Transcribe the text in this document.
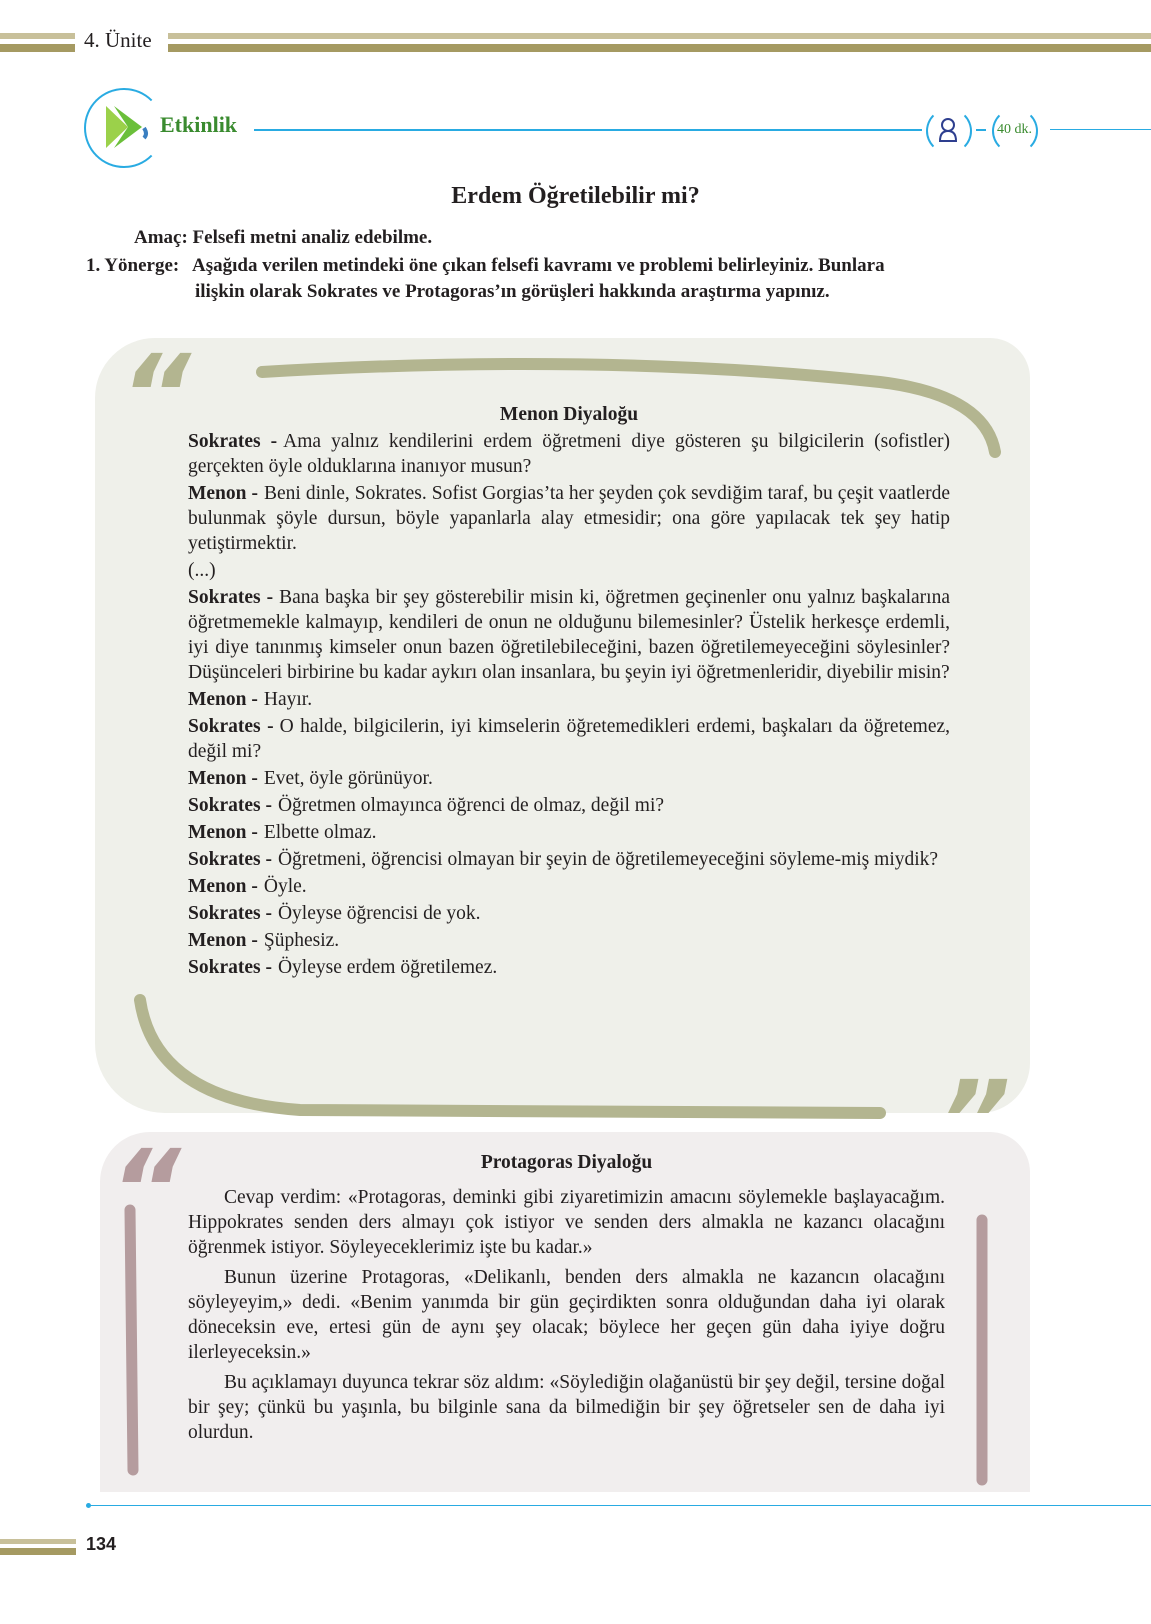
4. Ünite
Etkinlik	40 dk.
Erdem Öğretilebilir mi?
Amaç: Felsefi metni analiz edebilme.
1. Yönerge: Aşağıda verilen metindeki öne çıkan felsefi kavramı ve problemi belirleyiniz. Bunlara
ilişkin olarak Sokrates ve Protagoras’ın görüşleri hakkında araştırma yapınız.
“
”
“
Menon Diyaloğu
Sokrates - Ama yalnız kendilerini erdem öğretmeni diye gösteren şu bilgicilerin (sofistler) gerçekten öyle olduklarına inanıyor musun?
Menon - Beni dinle, Sokrates. Sofist Gorgias’ta her şeyden çok sevdiğim taraf, bu çeşit vaatlerde bulunmak şöyle dursun, böyle yapanlarla alay etmesidir; ona göre yapılacak tek şey hatip yetiştirmektir.
(...)
Sokrates - Bana başka bir şey gösterebilir misin ki, öğretmen geçinenler onu yalnız başkalarına öğretmemekle kalmayıp, kendileri de onun ne olduğunu bilemesinler? Üstelik herkesçe erdemli, iyi diye tanınmış kimseler onun bazen öğretilebileceğini, bazen öğretilemeyeceğini söylesinler? Düşünceleri birbirine bu kadar aykırı olan insanlara, bu şeyin iyi öğretmenleridir, diyebilir misin?
Menon - Hayır.
Sokrates - O halde, bilgicilerin, iyi kimselerin öğretemedikleri erdemi, başkaları da öğretemez, değil mi?
Menon - Evet, öyle görünüyor.
Sokrates - Öğretmen olmayınca öğrenci de olmaz, değil mi?
Menon - Elbette olmaz.
Sokrates - Öğretmeni, öğrencisi olmayan bir şeyin de öğretilemeyeceğini söyleme-miş miydik?
Menon - Öyle.
Sokrates - Öyleyse öğrencisi de yok.
Menon - Şüphesiz.
Sokrates - Öyleyse erdem öğretilemez.
Protagoras Diyaloğu

Cevap verdim: «Protagoras, deminki gibi ziyaretimizin amacını söylemekle başlayacağım. Hippokrates senden ders almayı çok istiyor ve senden ders almakla ne kazancı olacağını öğrenmek istiyor. Söyleyeceklerimiz işte bu kadar.»

Bunun üzerine Protagoras, «Delikanlı, benden ders almakla ne kazancın olacağını söyleyeyim,» dedi. «Benim yanımda bir gün geçirdikten sonra olduğundan daha iyi olarak döneceksin eve, ertesi gün de aynı şey olacak; böylece her geçen gün daha iyiye doğru ilerleyeceksin.»

Bu açıklamayı duyunca tekrar söz aldım: «Söylediğin olağanüstü bir şey değil, tersine doğal bir şey; çünkü bu yaşınla, bu bilginle sana da bilmediğin bir şey öğretseler sen de daha iyi olurdun.

134
